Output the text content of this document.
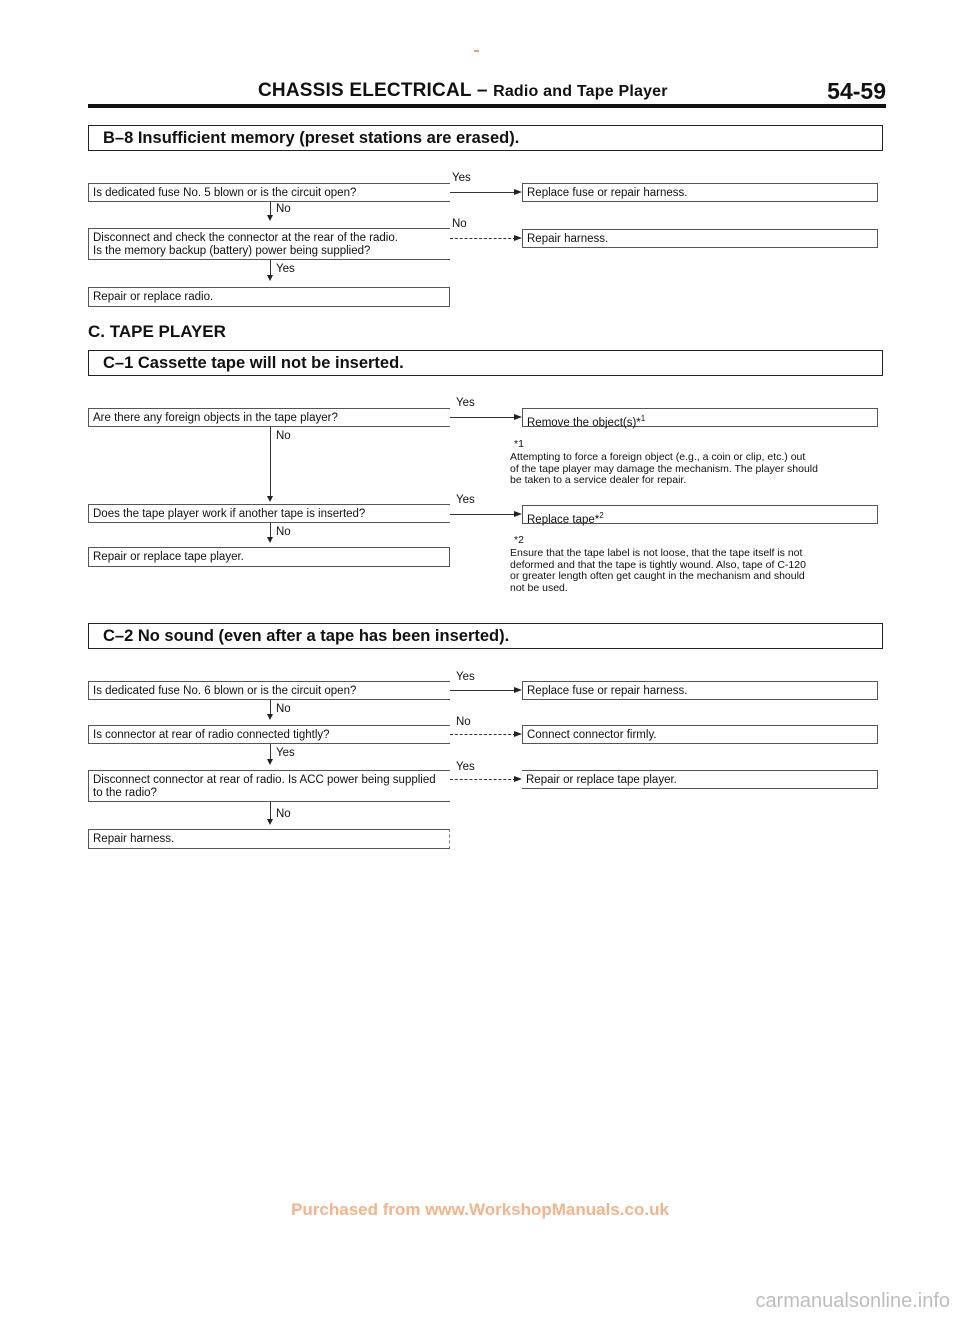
CHASSIS ELECTRICAL – Radio and Tape Player	54-59
B–8 Insufficient memory (preset stations are erased).
Yes
Is dedicated fuse No. 5 blown or is the circuit open?	Replace fuse or repair harness.
No
No
Disconnect and check the connector at the rear of the radio.
Is the memory backup (battery) power being supplied?
Repair harness.
Yes
Repair or replace radio.
C. TAPE PLAYER
C–1 Cassette tape will not be inserted.
Yes
Are there any foreign objects in the tape player?	Remove the object(s)*$^1$
No
*1
Attempting to force a foreign object (e.g., a coin or clip, etc.) out
of the tape player may damage the mechanism. The player should
be taken to a service dealer for repair.
Yes
Does the tape player work if another tape is inserted?	Replace tape*$^2$
No
Repair or replace tape player.
*2
Ensure that the tape label is not loose, that the tape itself is not
deformed and that the tape is tightly wound. Also, tape of C-120
or greater length often get caught in the mechanism and should
not be used.
C–2 No sound (even after a tape has been inserted).
Yes
Is dedicated fuse No. 6 blown or is the circuit open?	Replace fuse or repair harness.
No
No
Is connector at rear of radio connected tightly?	Connect connector firmly.
Yes
Yes
Disconnect connector at rear of radio. Is ACC power being supplied
to the radio?
Repair or replace tape player.
No
Repair harness.
Purchased from www.WorkshopManuals.co.uk
carmanualsonline.info
